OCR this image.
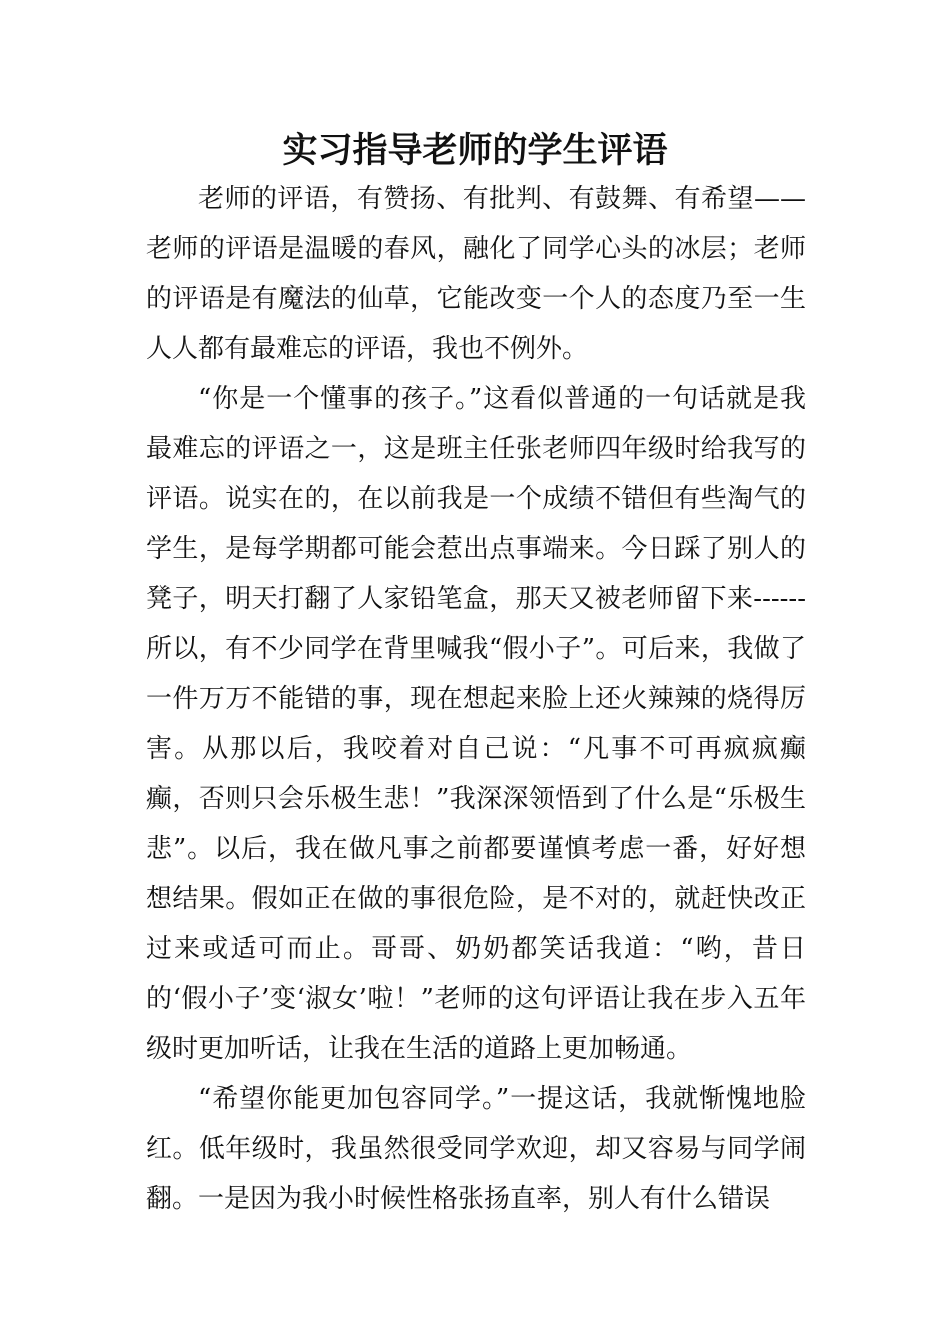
实习指导老师的学生评语

老师的评语，有赞扬、有批判、有鼓舞、有希望——老师的评语是温暖的春风，融化了同学心头的冰层；老师的评语是有魔法的仙草，它能改变一个人的态度乃至一生人人都有最难忘的评语，我也不例外。

“你是一个懂事的孩子。”这看似普通的一句话就是我最难忘的评语之一，这是班主任张老师四年级时给我写的评语。说实在的，在以前我是一个成绩不错但有些淘气的学生，是每学期都可能会惹出点事端来。今日踩了别人的凳子，明天打翻了人家铅笔盒，那天又被老师留下来------所以，有不少同学在背里喊我“假小子”。可后来，我做了一件万万不能错的事，现在想起来脸上还火辣辣的烧得厉害。从那以后，我咬着对自己说：“凡事不可再疯疯癫癫，否则只会乐极生悲！”我深深领悟到了什么是“乐极生悲”。以后，我在做凡事之前都要谨慎考虑一番，好好想想结果。假如正在做的事很危险，是不对的，就赶快改正过来或适可而止。哥哥、奶奶都笑话我道：“哟，昔日的‘假小子’变‘淑女’啦！”老师的这句评语让我在步入五年级时更加听话，让我在生活的道路上更加畅通。

“希望你能更加包容同学。”一提这话，我就惭愧地脸红。低年级时，我虽然很受同学欢迎，却又容易与同学闹翻。一是因为我小时候性格张扬直率，别人有什么错误
